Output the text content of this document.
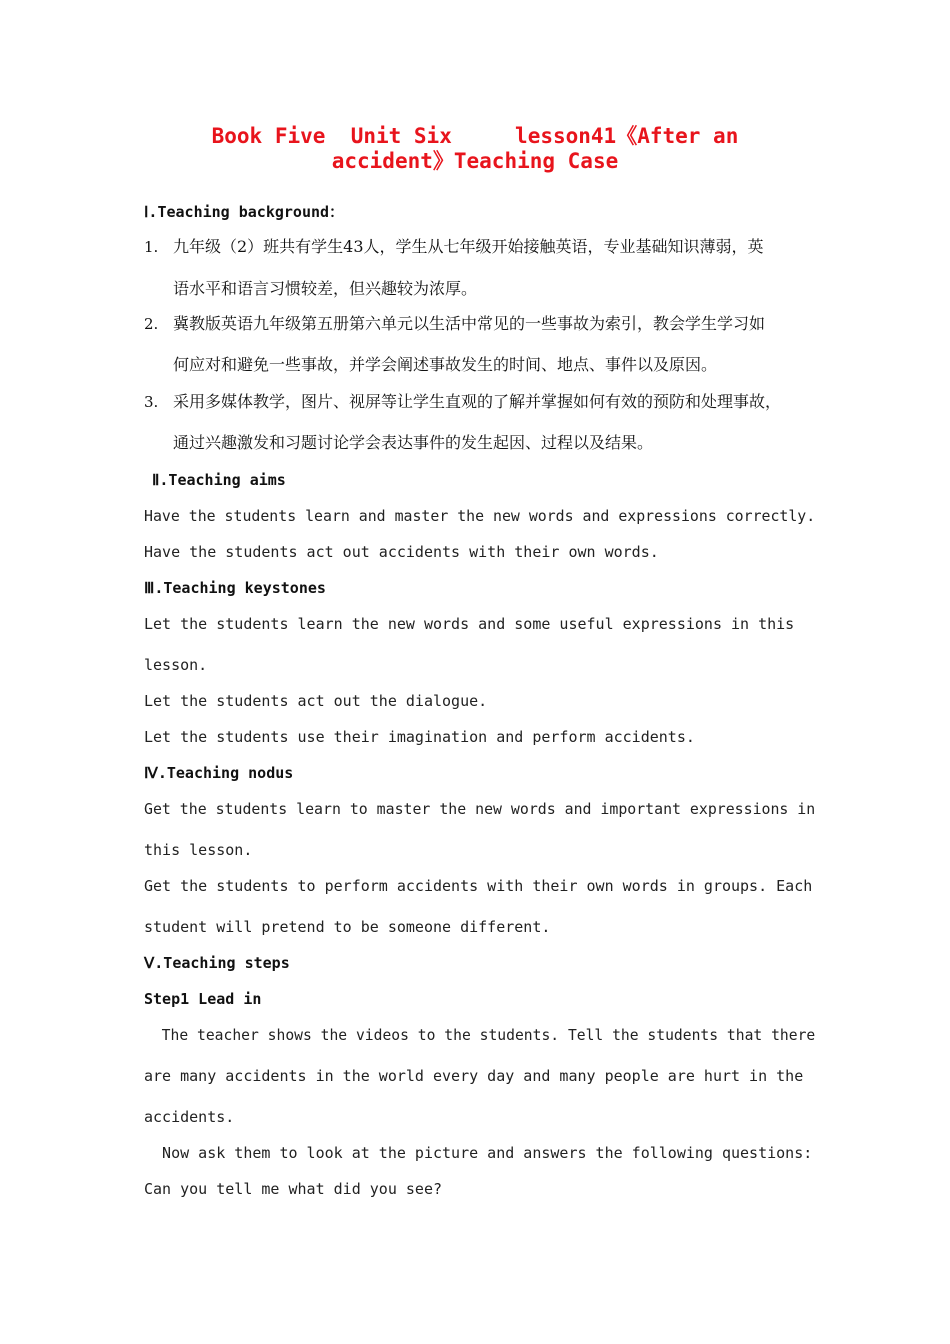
Book Five  Unit Six     lesson41《After an
accident》Teaching Case
Ⅰ.Teaching background：
1. 九年级（2）班共有学生43人，学生从七年级开始接触英语，专业基础知识薄弱，英
语水平和语言习惯较差，但兴趣较为浓厚。
2. 冀教版英语九年级第五册第六单元以生活中常见的一些事故为索引，教会学生学习如
何应对和避免一些事故，并学会阐述事故发生的时间、地点、事件以及原因。
3. 采用多媒体教学，图片、视屏等让学生直观的了解并掌握如何有效的预防和处理事故，
通过兴趣激发和习题讨论学会表达事件的发生起因、过程以及结果。
Ⅱ.Teaching aims
Have the students learn and master the new words and expressions correctly.
Have the students act out accidents with their own words.
Ⅲ.Teaching keystones
Let the students learn the new words and some useful expressions in this
lesson.
Let the students act out the dialogue.
Let the students use their imagination and perform accidents.
Ⅳ.Teaching nodus
Get the students learn to master the new words and important expressions in
this lesson.
Get the students to perform accidents with their own words in groups. Each
student will pretend to be someone different.
Ⅴ.Teaching steps
Step1 Lead in
The teacher shows the videos to the students. Tell the students that there
are many accidents in the world every day and many people are hurt in the
accidents.
Now ask them to look at the picture and answers the following questions:
Can you tell me what did you see?
